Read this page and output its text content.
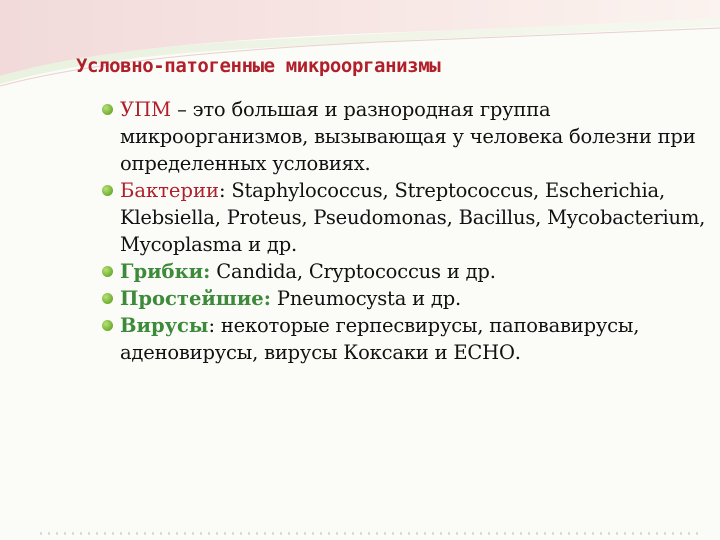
Условно-патогенные микроорганизмы
УПМ – это большая и разнородная группа микроорганизмов, вызывающая у человека болезни при определенных условиях.
Бактерии: Staphylococcus, Streptococcus, Escherichia, Klebsiella, Proteus, Pseudomonas, Bacillus, Mycobacterium, Mycoplasma и др.
Грибки: Candida, Cryptococcus и др.
Простейшие: Pneumocysta и др.
Вирусы: некоторые герпесвирусы, паповавирусы, аденовирусы, вирусы Коксаки и ЕСНО.
